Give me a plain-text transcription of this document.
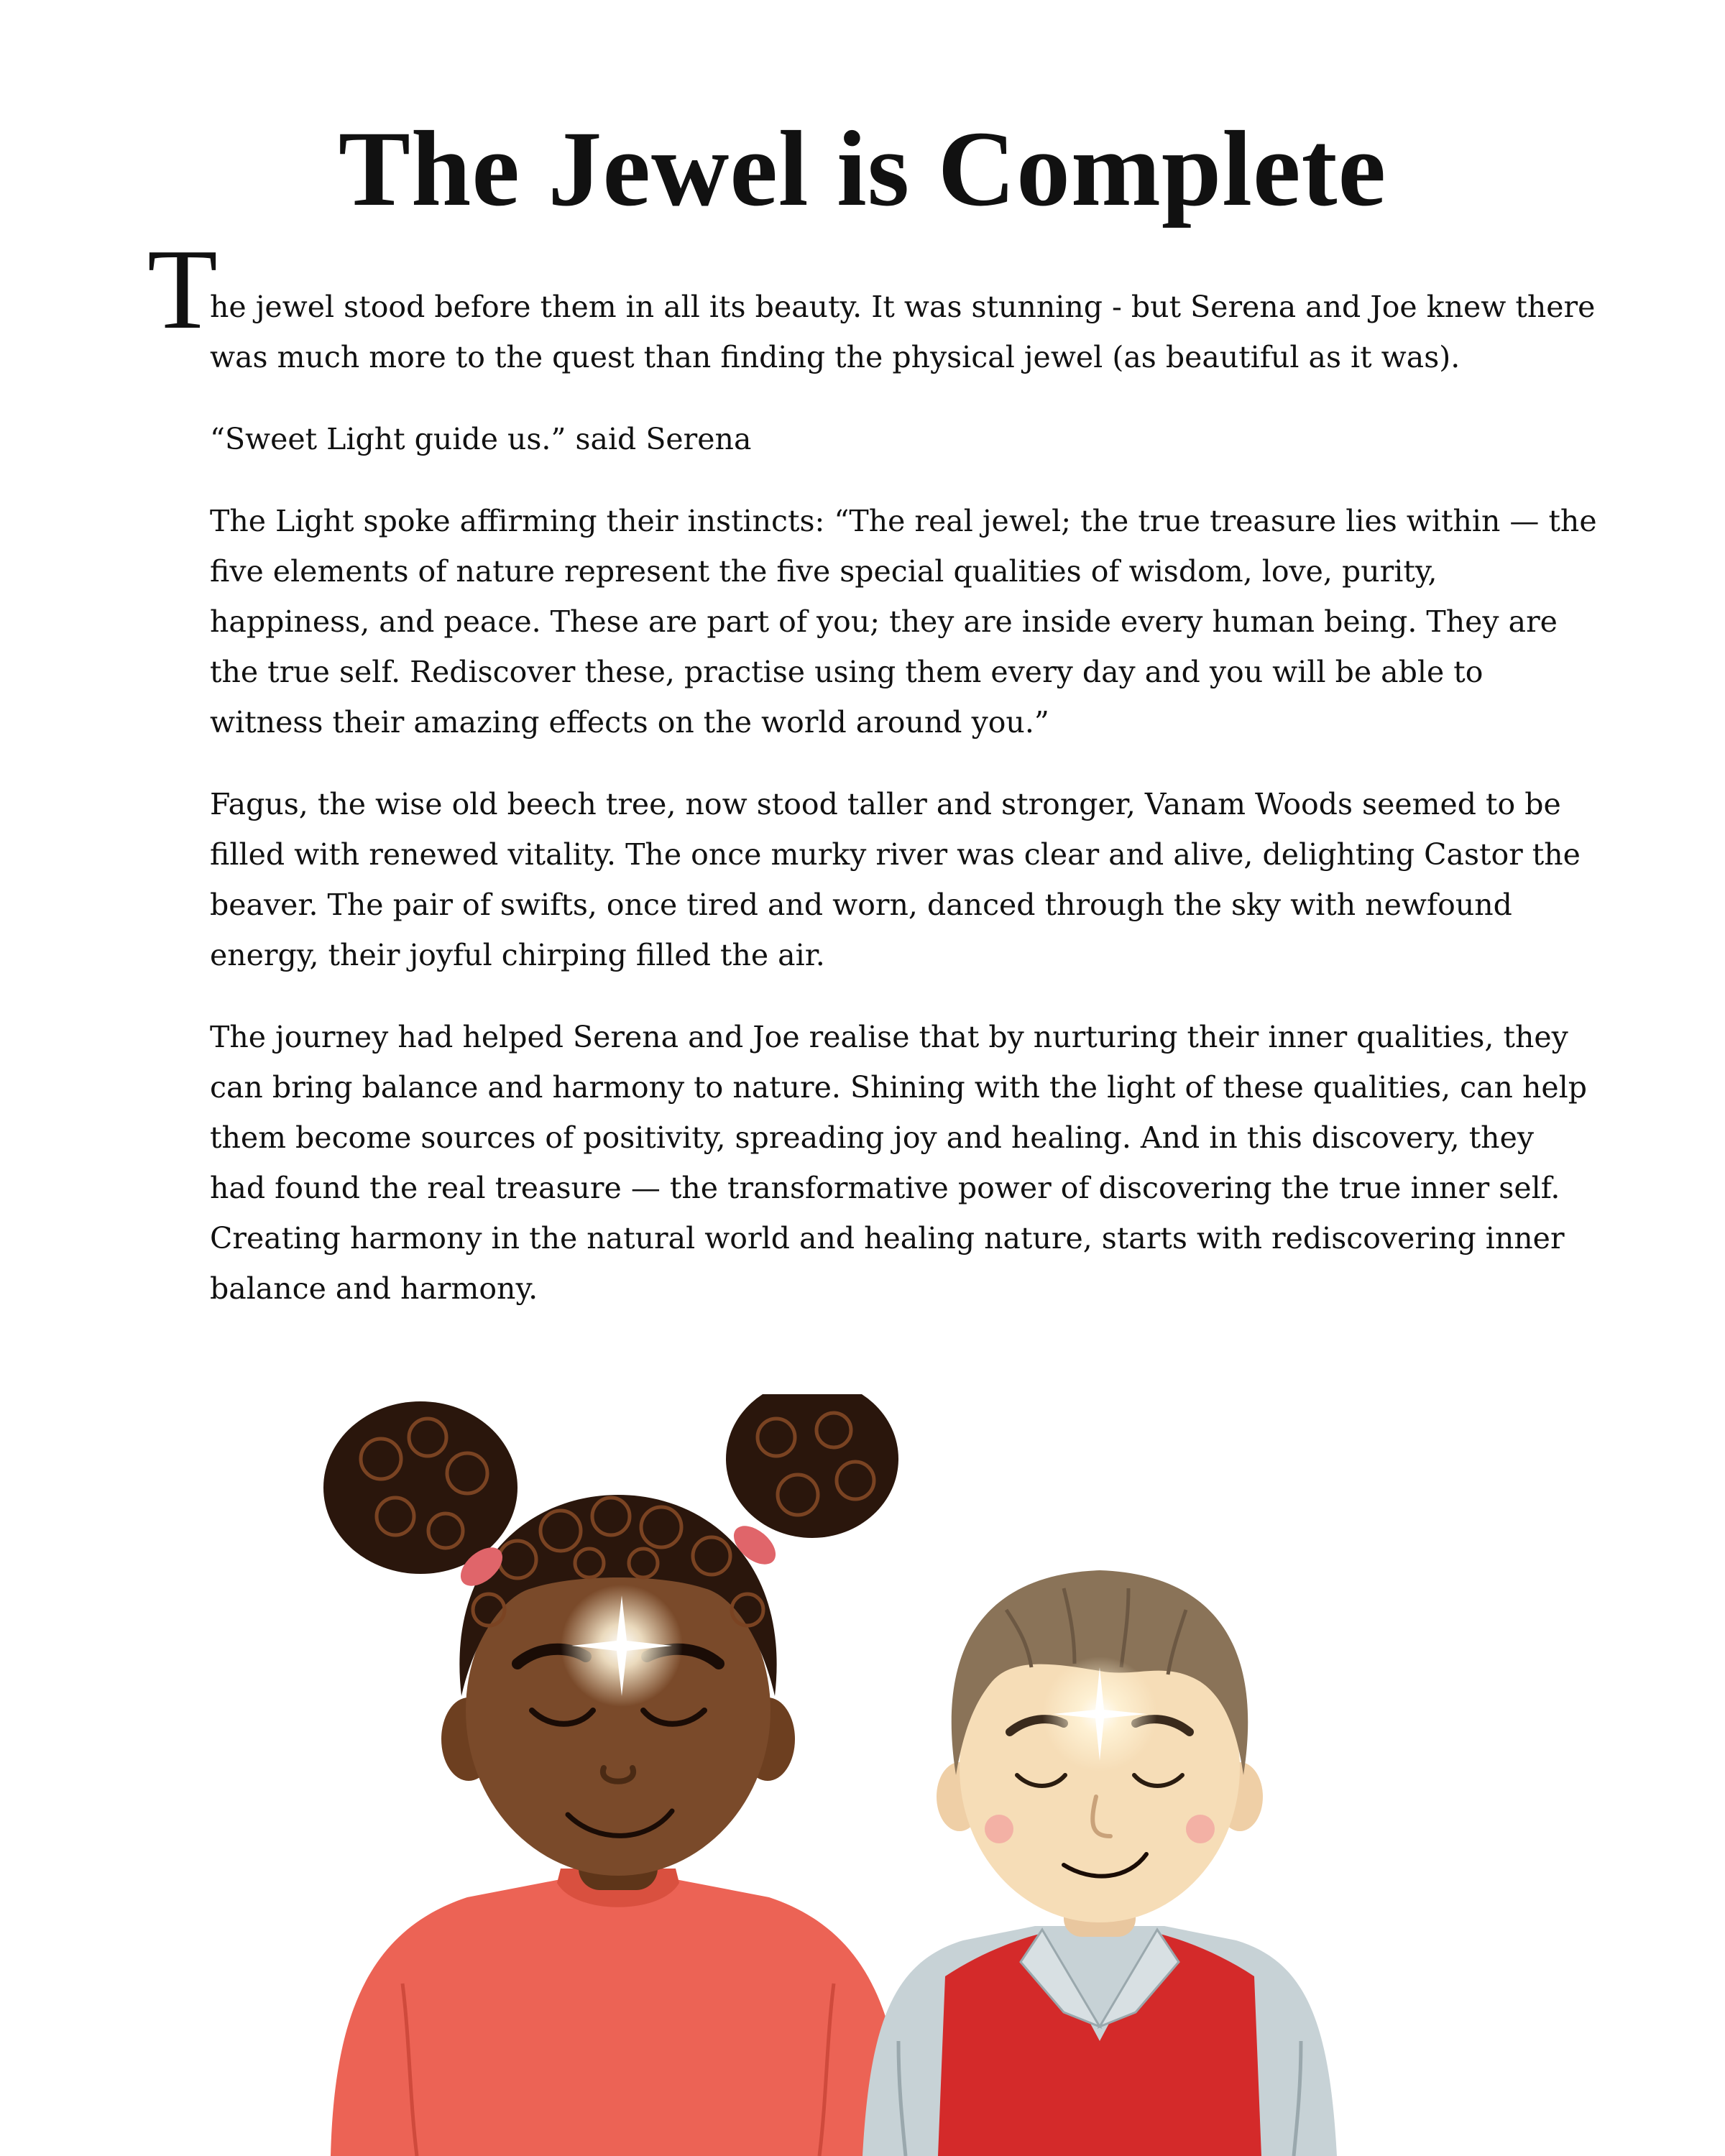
The Jewel is Complete
T

he jewel stood before them in all its beauty. It was stunning - but Serena and Joe knew there was much more to the quest than finding the physical jewel (as beautiful as it was).

“Sweet Light guide us.” said Serena

The Light spoke affirming their instincts: “The real jewel; the true treasure lies within — the five elements of nature represent the five special qualities of wisdom, love, purity, happiness, and peace. These are part of you; they are inside every human being. They are the true self. Rediscover these, practise using them every day and you will be able to witness their amazing effects on the world around you.”

Fagus, the wise old beech tree, now stood taller and stronger, Vanam Woods seemed to be filled with renewed vitality. The once murky river was clear and alive, delighting Castor the beaver. The pair of swifts, once tired and worn, danced through the sky with newfound energy, their joyful chirping filled the air.

The journey had helped Serena and Joe realise that by nurturing their inner qualities, they can bring balance and harmony to nature. Shining with the light of these qualities, can help them become sources of positivity, spreading joy and healing. And in this discovery, they had found the real treasure — the transformative power of discovering the true inner self. Creating harmony in the natural world and healing nature, starts with rediscovering inner balance and harmony.
